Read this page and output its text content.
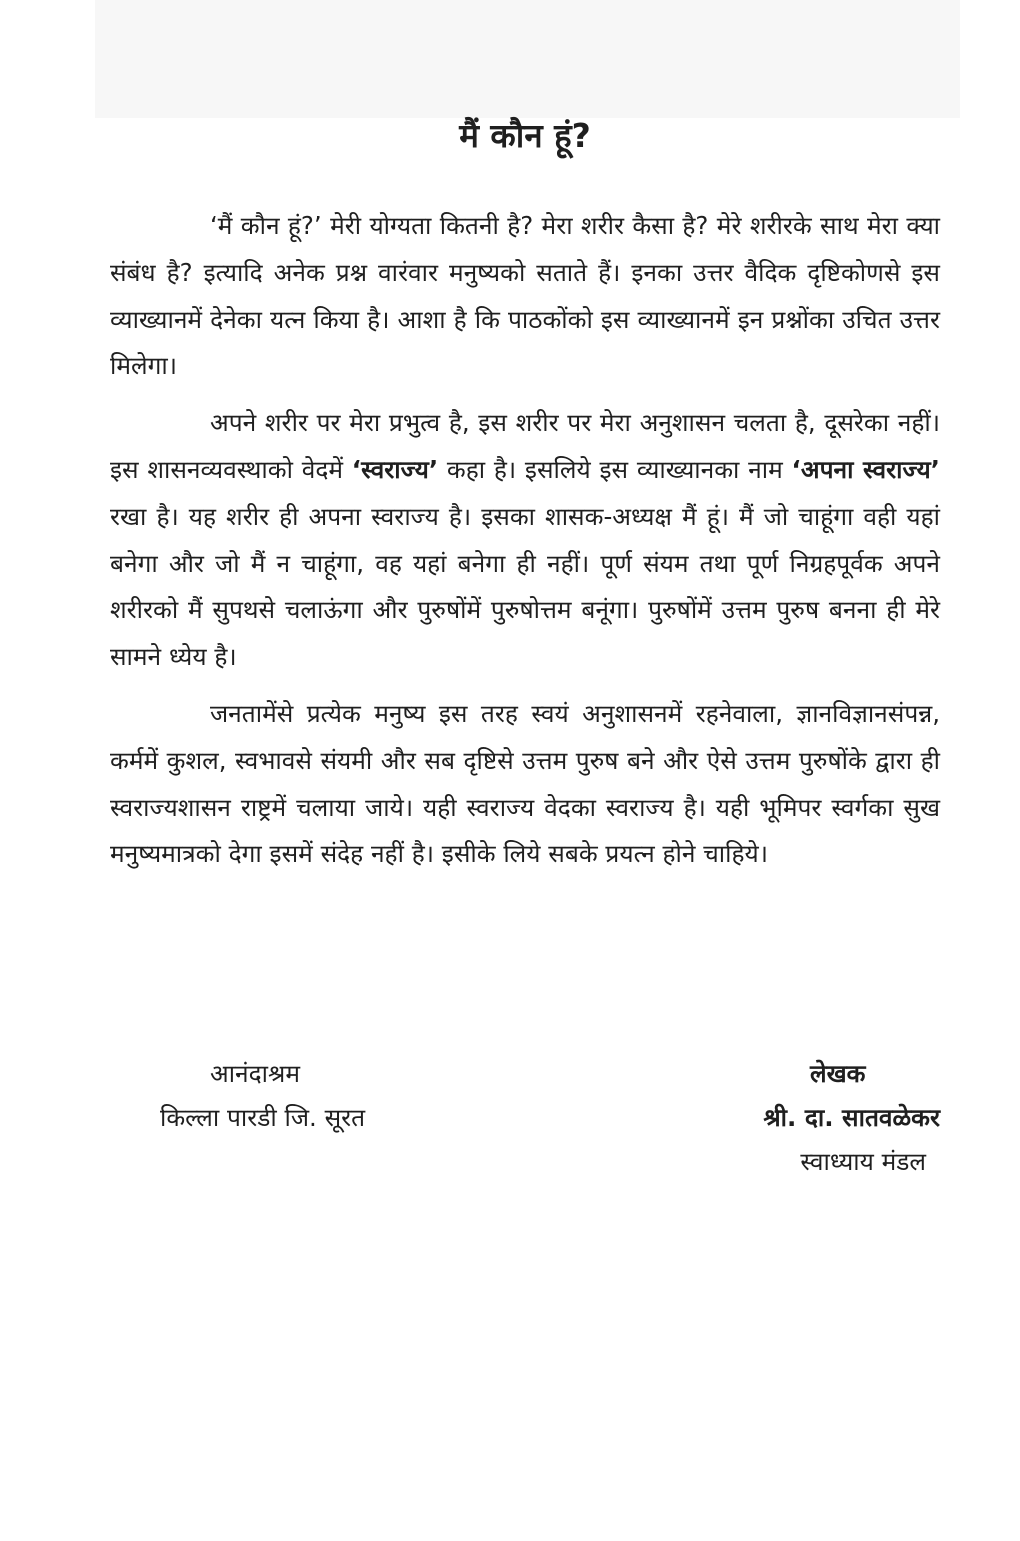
मैं कौन हूं?

‘मैं कौन हूं?’ मेरी योग्यता कितनी है? मेरा शरीर कैसा है? मेरे शरीरके साथ मेरा क्या संबंध है? इत्यादि अनेक प्रश्न वारंवार मनुष्यको सताते हैं। इनका उत्तर वैदिक दृष्टिकोणसे इस व्याख्यानमें देनेका यत्न किया है। आशा है कि पाठकोंको इस व्याख्यानमें इन प्रश्नोंका उचित उत्तर मिलेगा।

अपने शरीर पर मेरा प्रभुत्व है, इस शरीर पर मेरा अनुशासन चलता है, दूसरेका नहीं। इस शासनव्यवस्थाको वेदमें ‘स्वराज्य’ कहा है। इसलिये इस व्याख्यानका नाम ‘अपना स्वराज्य’ रखा है। यह शरीर ही अपना स्वराज्य है। इसका शासक-अध्यक्ष मैं हूं। मैं जो चाहूंगा वही यहां बनेगा और जो मैं न चाहूंगा, वह यहां बनेगा ही नहीं। पूर्ण संयम तथा पूर्ण निग्रहपूर्वक अपने शरीरको मैं सुपथसे चलाऊंगा और पुरुषोंमें पुरुषोत्तम बनूंगा। पुरुषोंमें उत्तम पुरुष बनना ही मेरे सामने ध्येय है।

जनतामेंसे प्रत्येक मनुष्य इस तरह स्वयं अनुशासनमें रहनेवाला, ज्ञानविज्ञानसंपन्न, कर्ममें कुशल, स्वभावसे संयमी और सब दृष्टिसे उत्तम पुरुष बने और ऐसे उत्तम पुरुषोंके द्वारा ही स्वराज्यशासन राष्ट्रमें चलाया जाये। यही स्वराज्य वेदका स्वराज्य है। यही भूमिपर स्वर्गका सुख मनुष्यमात्रको देगा इसमें संदेह नहीं है। इसीके लिये सबके प्रयत्न होने चाहिये।

आनंदाश्रम
किल्ला पारडी जि. सूरत
लेखक
श्री. दा. सातवळेकर
स्वाध्याय मंडल
